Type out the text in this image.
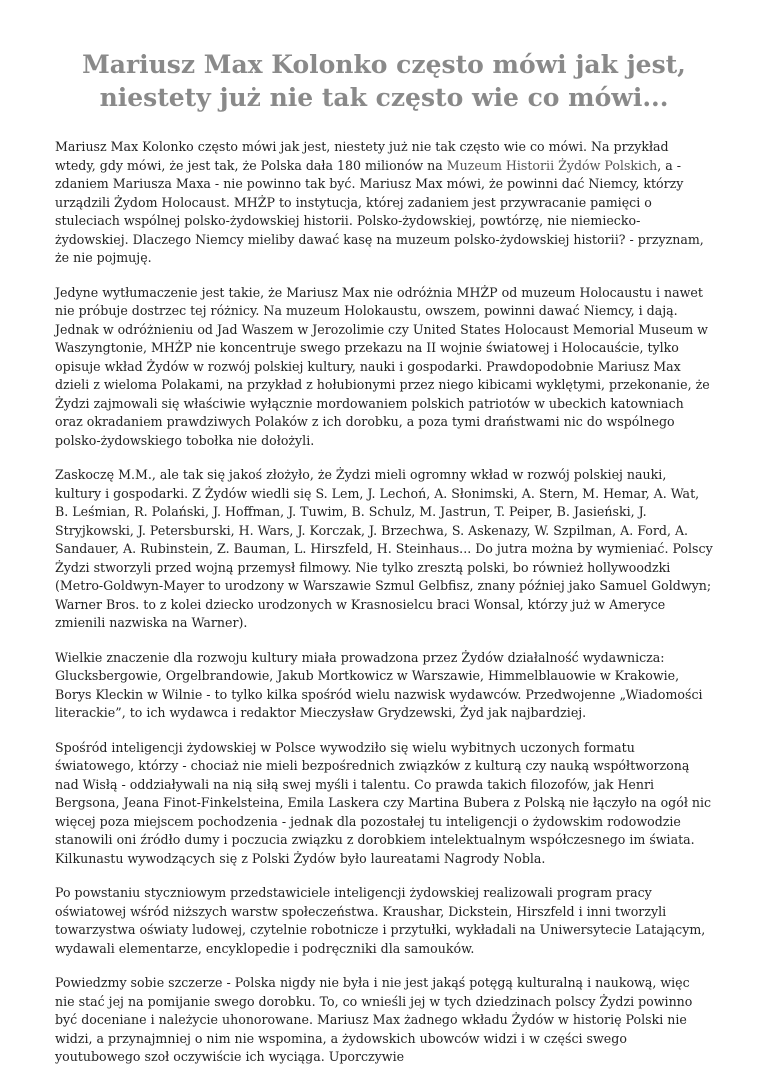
Mariusz Max Kolonko często mówi jak jest, niestety już nie tak często wie co mówi...

Mariusz Max Kolonko często mówi jak jest, niestety już nie tak często wie co mówi. Na przykład wtedy, gdy mówi, że jest tak, że Polska dała 180 milionów na Muzeum Historii Żydów Polskich, a - zdaniem Mariusza Maxa - nie powinno tak być. Mariusz Max mówi, że powinni dać Niemcy, którzy urządzili Żydom Holocaust. MHŻP to instytucja, której zadaniem jest przywracanie pamięci o stuleciach wspólnej polsko-żydowskiej historii. Polsko-żydowskiej, powtórzę, nie niemiecko-żydowskiej. Dlaczego Niemcy mieliby dawać kasę na muzeum polsko-żydowskiej historii? - przyznam, że nie pojmuję.

Jedyne wytłumaczenie jest takie, że Mariusz Max nie odróżnia MHŻP od muzeum Holocaustu i nawet nie próbuje dostrzec tej różnicy. Na muzeum Holokaustu, owszem, powinni dawać Niemcy, i dają. Jednak w odróżnieniu od Jad Waszem w Jerozolimie czy United States Holocaust Memorial Museum w Waszyngtonie, MHŻP nie koncentruje swego przekazu na II wojnie światowej i Holocauście, tylko opisuje wkład Żydów w rozwój polskiej kultury, nauki i gospodarki. Prawdopodobnie Mariusz Max dzieli z wieloma Polakami, na przykład z hołubionymi przez niego kibicami wyklętymi, przekonanie, że Żydzi zajmowali się właściwie wyłącznie mordowaniem polskich patriotów w ubeckich katowniach oraz okradaniem prawdziwych Polaków z ich dorobku, a poza tymi draństwami nic do wspólnego polsko-żydowskiego tobołka nie dołożyli.

Zaskoczę M.M., ale tak się jakoś złożyło, że Żydzi mieli ogromny wkład w rozwój polskiej nauki, kultury i gospodarki. Z Żydów wiedli się S. Lem, J. Lechoń, A. Słonimski, A. Stern, M. Hemar, A. Wat, B. Leśmian, R. Polański, J. Hoffman, J. Tuwim, B. Schulz, M. Jastrun, T. Peiper, B. Jasieński, J. Stryjkowski, J. Petersburski, H. Wars, J. Korczak, J. Brzechwa, S. Askenazy, W. Szpilman, A. Ford, A. Sandauer, A. Rubinstein, Z. Bauman, L. Hirszfeld, H. Steinhaus... Do jutra można by wymieniać. Polscy Żydzi stworzyli przed wojną przemysł filmowy. Nie tylko zresztą polski, bo również hollywoodzki (Metro-Goldwyn-Mayer to urodzony w Warszawie Szmul Gelbfisz, znany później jako Samuel Goldwyn; Warner Bros. to z kolei dziecko urodzonych w Krasnosielcu braci Wonsal, którzy już w Ameryce zmienili nazwiska na Warner).

Wielkie znaczenie dla rozwoju kultury miała prowadzona przez Żydów działalność wydawnicza: Glucksbergowie, Orgelbrandowie, Jakub Mortkowicz w Warszawie, Himmelblauowie w Krakowie, Borys Kleckin w Wilnie - to tylko kilka spośród wielu nazwisk wydawców. Przedwojenne „Wiadomości literackie”, to ich wydawca i redaktor Mieczysław Grydzewski, Żyd jak najbardziej.

Spośród inteligencji żydowskiej w Polsce wywodziło się wielu wybitnych uczonych formatu światowego, którzy - chociaż nie mieli bezpośrednich związków z kulturą czy nauką współtworzoną nad Wisłą - oddziaływali na nią siłą swej myśli i talentu. Co prawda takich filozofów, jak Henri Bergsona, Jeana Finot-Finkelsteina, Emila Laskera czy Martina Bubera z Polską nie łączyło na ogół nic więcej poza miejscem pochodzenia - jednak dla pozostałej tu inteligencji o żydowskim rodowodzie stanowili oni źródło dumy i poczucia związku z dorobkiem intelektualnym współczesnego im świata. Kilkunastu wywodzących się z Polski Żydów było laureatami Nagrody Nobla.

Po powstaniu styczniowym przedstawiciele inteligencji żydowskiej realizowali program pracy oświatowej wśród niższych warstw społeczeństwa. Kraushar, Dickstein, Hirszfeld i inni tworzyli towarzystwa oświaty ludowej, czytelnie robotnicze i przytułki, wykładali na Uniwersytecie Latającym, wydawali elementarze, encyklopedie i podręczniki dla samouków.

Powiedzmy sobie szczerze - Polska nigdy nie była i nie jest jakąś potęgą kulturalną i naukową, więc nie stać jej na pomijanie swego dorobku. To, co wnieśli jej w tych dziedzinach polscy Żydzi powinno być doceniane i należycie uhonorowane. Mariusz Max żadnego wkładu Żydów w historię Polski nie widzi, a przynajmniej o nim nie wspomina, a żydowskich ubowców widzi i w części swego youtubowego szoł oczywiście ich wyciąga. Uporczywie
